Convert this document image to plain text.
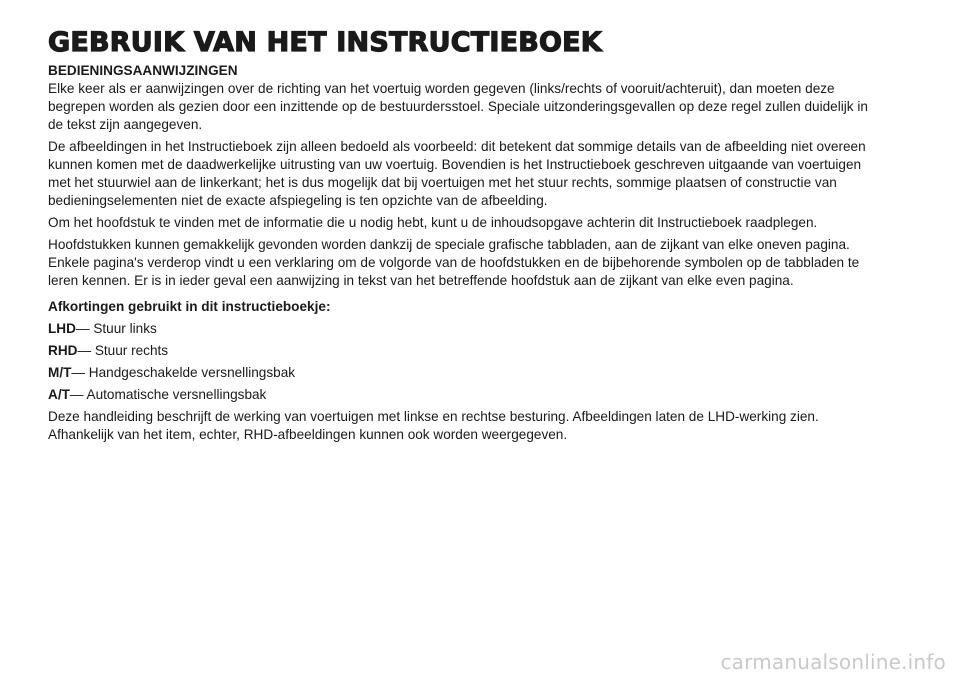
GEBRUIK VAN HET INSTRUCTIEBOEK
BEDIENINGSAANWIJZINGEN

Elke keer als er aanwijzingen over de richting van het voertuig worden gegeven (links/rechts of vooruit/achteruit), dan moeten deze begrepen worden als gezien door een inzittende op de bestuurdersstoel. Speciale uitzonderingsgevallen op deze regel zullen duidelijk in de tekst zijn aangegeven.

De afbeeldingen in het Instructieboek zijn alleen bedoeld als voorbeeld: dit betekent dat sommige details van de afbeelding niet overeen kunnen komen met de daadwerkelijke uitrusting van uw voertuig. Bovendien is het Instructieboek geschreven uitgaande van voertuigen met het stuurwiel aan de linkerkant; het is dus mogelijk dat bij voertuigen met het stuur rechts, sommige plaatsen of constructie van bedieningselementen niet de exacte afspiegeling is ten opzichte van de afbeelding.

Om het hoofdstuk te vinden met de informatie die u nodig hebt, kunt u de inhoudsopgave achterin dit Instructieboek raadplegen.

Hoofdstukken kunnen gemakkelijk gevonden worden dankzij de speciale grafische tabbladen, aan de zijkant van elke oneven pagina. Enkele pagina's verderop vindt u een verklaring om de volgorde van de hoofdstukken en de bijbehorende symbolen op de tabbladen te leren kennen. Er is in ieder geval een aanwijzing in tekst van het betreffende hoofdstuk aan de zijkant van elke even pagina.

Afkortingen gebruikt in dit instructieboekje:
LHD— Stuur links
RHD— Stuur rechts
M/T— Handgeschakelde versnellingsbak
A/T— Automatische versnellingsbak

Deze handleiding beschrijft de werking van voertuigen met linkse en rechtse besturing. Afbeeldingen laten de LHD-werking zien. Afhankelijk van het item, echter, RHD-afbeeldingen kunnen ook worden weergegeven.

carmanualsonline.info
